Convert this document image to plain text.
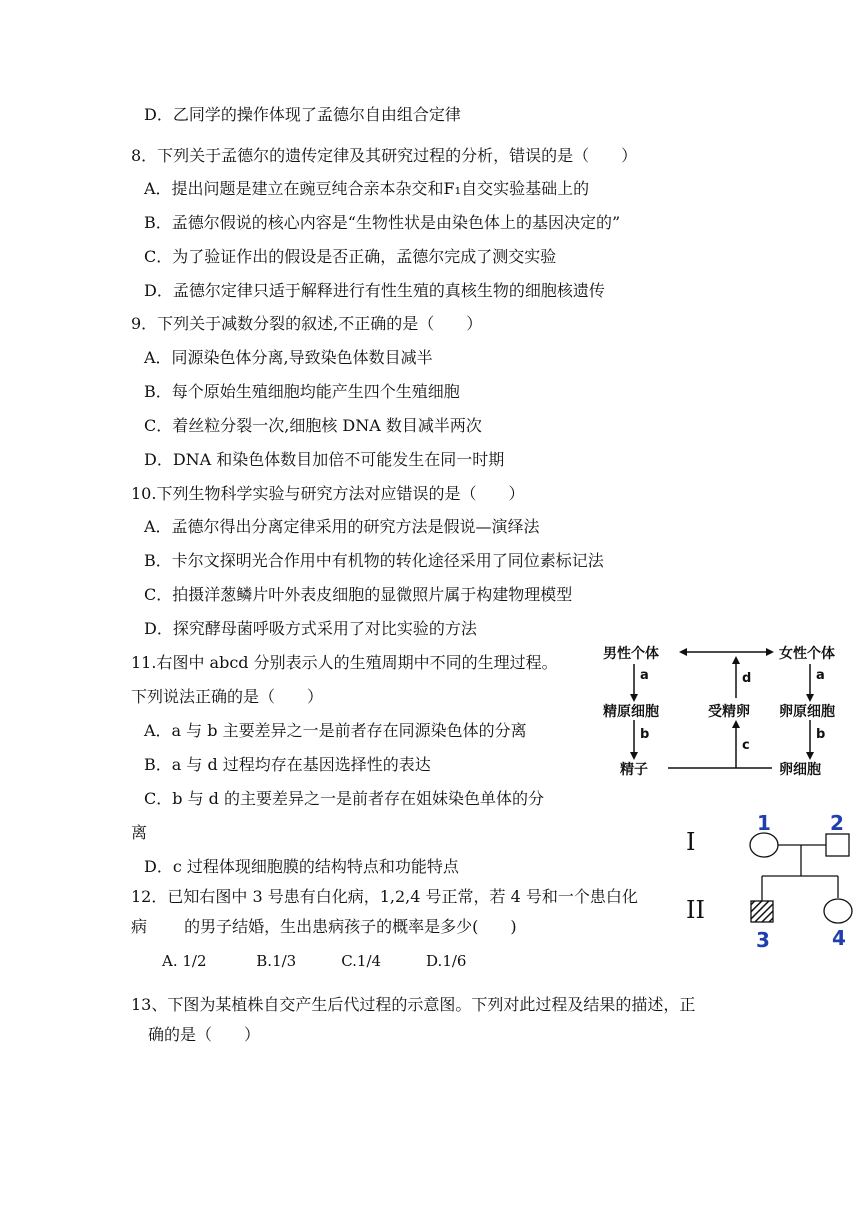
D．乙同学的操作体现了孟德尔自由组合定律
8．下列关于孟德尔的遗传定律及其研究过程的分析，错误的是（　　）
A．提出问题是建立在豌豆纯合亲本杂交和F₁自交实验基础上的
B．孟德尔假说的核心内容是“生物性状是由染色体上的基因决定的”
C．为了验证作出的假设是否正确，孟德尔完成了测交实验
D．孟德尔定律只适于解释进行有性生殖的真核生物的细胞核遗传
9．下列关于减数分裂的叙述,不正确的是（　　）
A．同源染色体分离,导致染色体数目减半
B．每个原始生殖细胞均能产生四个生殖细胞
C．着丝粒分裂一次,细胞核 DNA 数目减半两次
D．DNA 和染色体数目加倍不可能发生在同一时期
10.下列生物科学实验与研究方法对应错误的是（　　）
A．孟德尔得出分离定律采用的研究方法是假说—演绎法
B．卡尔文探明光合作用中有机物的转化途径采用了同位素标记法
C．拍摄洋葱鳞片叶外表皮细胞的显微照片属于构建物理模型
D．探究酵母菌呼吸方式采用了对比实验的方法
11.右图中 abcd 分别表示人的生殖周期中不同的生理过程。
下列说法正确的是（　　）
A．a 与 b 主要差异之一是前者存在同源染色体的分离
B．a 与 d 过程均存在基因选择性的表达
C．b 与 d 的主要差异之一是前者存在姐妹染色单体的分
离
D．c 过程体现细胞膜的结构特点和功能特点
12．已知右图中 3 号患有白化病，1,2,4 号正常，若 4 号和一个患白化
病　　 的男子结婚，生出患病孩子的概率是多少(　　)
A. 1/2　　　 B.1/3　　　C.1/4　　　D.1/6
13、下图为某植株自交产生后代过程的示意图。下列对此过程及结果的描述，正
确的是（　　）
男性个体	女性个体
a	d	a
精原细胞	受精卵 卵原细胞
b
c
b
精子	卵细胞
I
II
1	2
3	4
